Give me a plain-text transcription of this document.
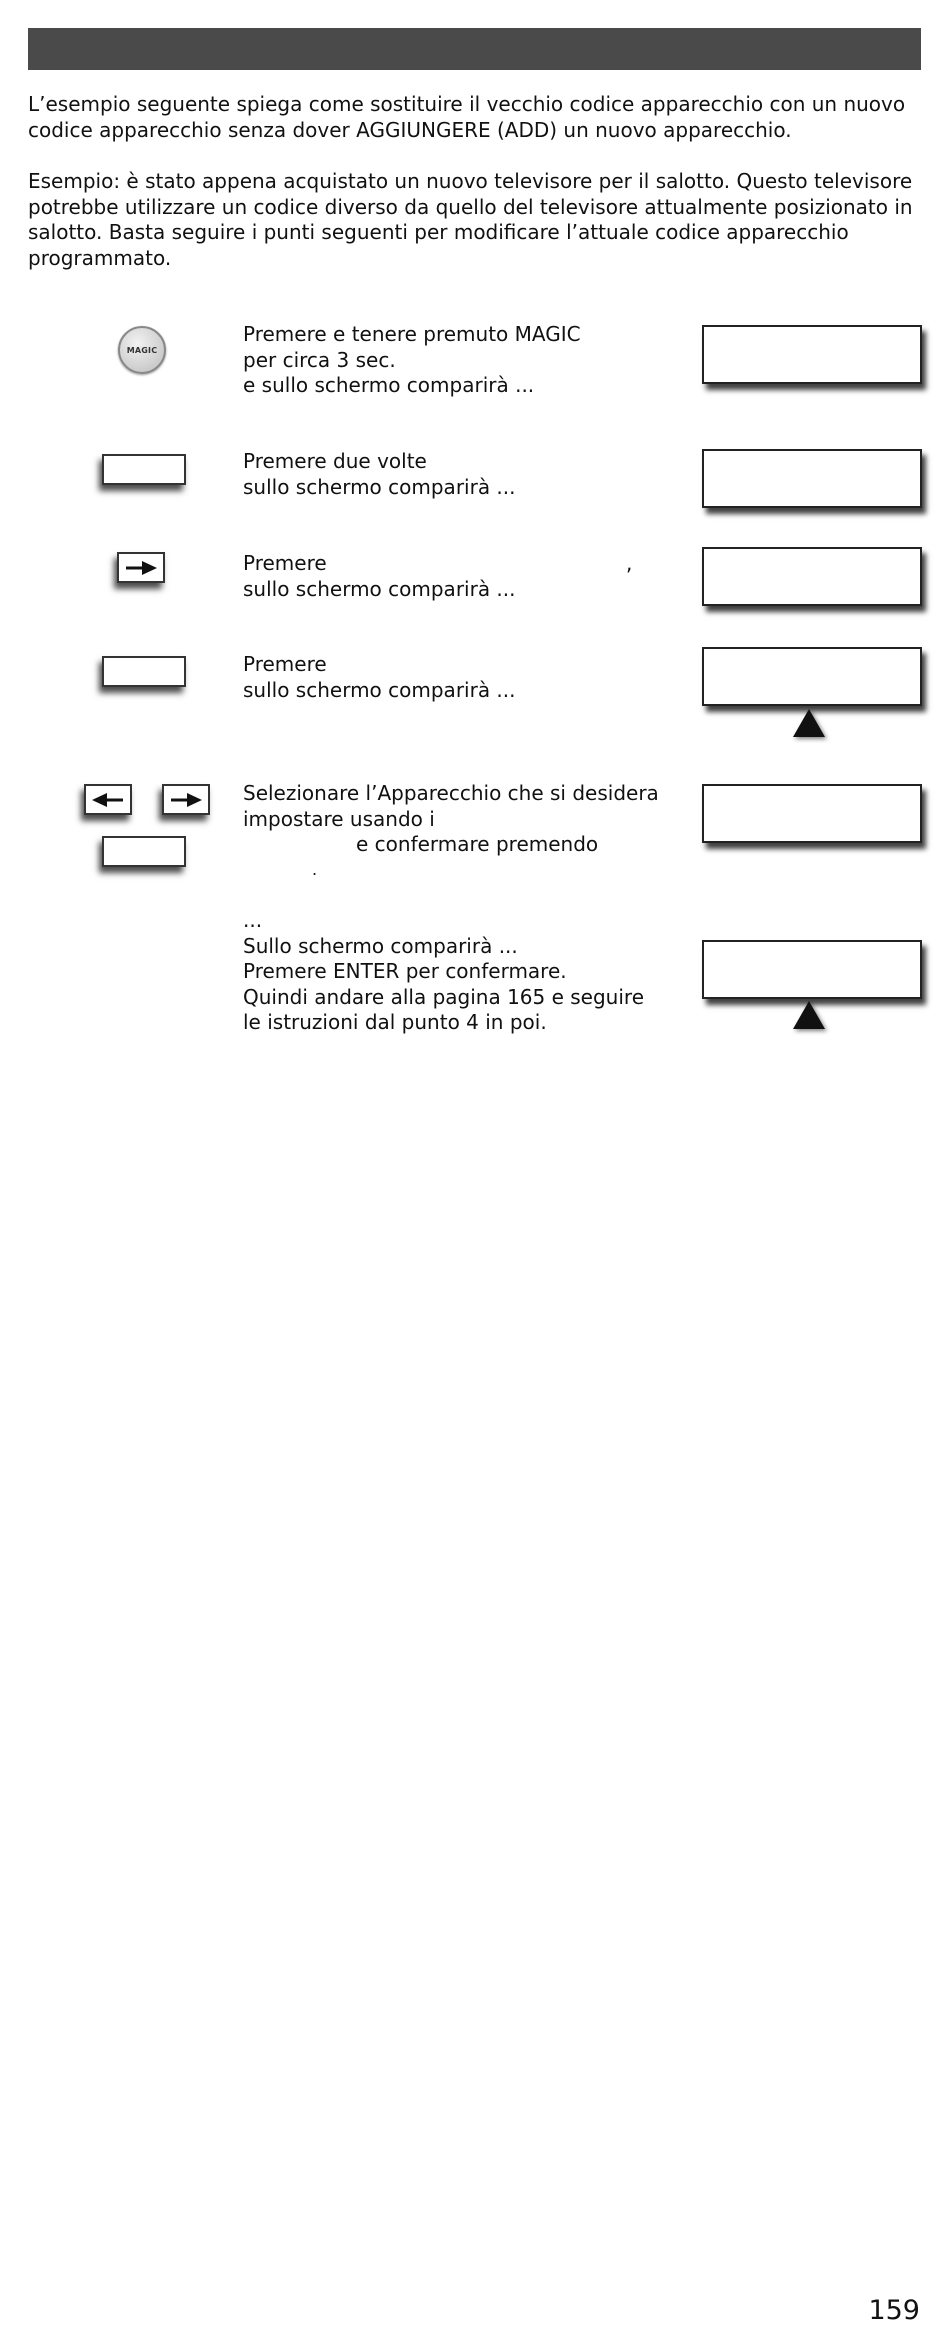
L’esempio seguente spiega come sostituire il vecchio codice apparecchio con un nuovo codice apparecchio senza dover AGGIUNGERE (ADD) un nuovo apparecchio.

Esempio: è stato appena acquistato un nuovo televisore per il salotto. Questo televisore potrebbe utilizzare un codice diverso da quello del televisore attualmente posizionato in salotto. Basta seguire i punti seguenti per modificare l’attuale codice apparecchio programmato.

MAGIC
Premere e tenere premuto MAGIC
per circa 3 sec.
e sullo schermo comparirà ...
Premere due volte
sullo schermo comparirà ...
Premere
sullo schermo comparirà ...
,
Premere
sullo schermo comparirà ...
Selezionare l’Apparecchio che si desidera
impostare usando i
e confermare premendo
.
...
Sullo schermo comparirà ...
Premere ENTER per confermare.
Quindi andare alla pagina 165 e seguire
le istruzioni dal punto 4 in poi.
159
